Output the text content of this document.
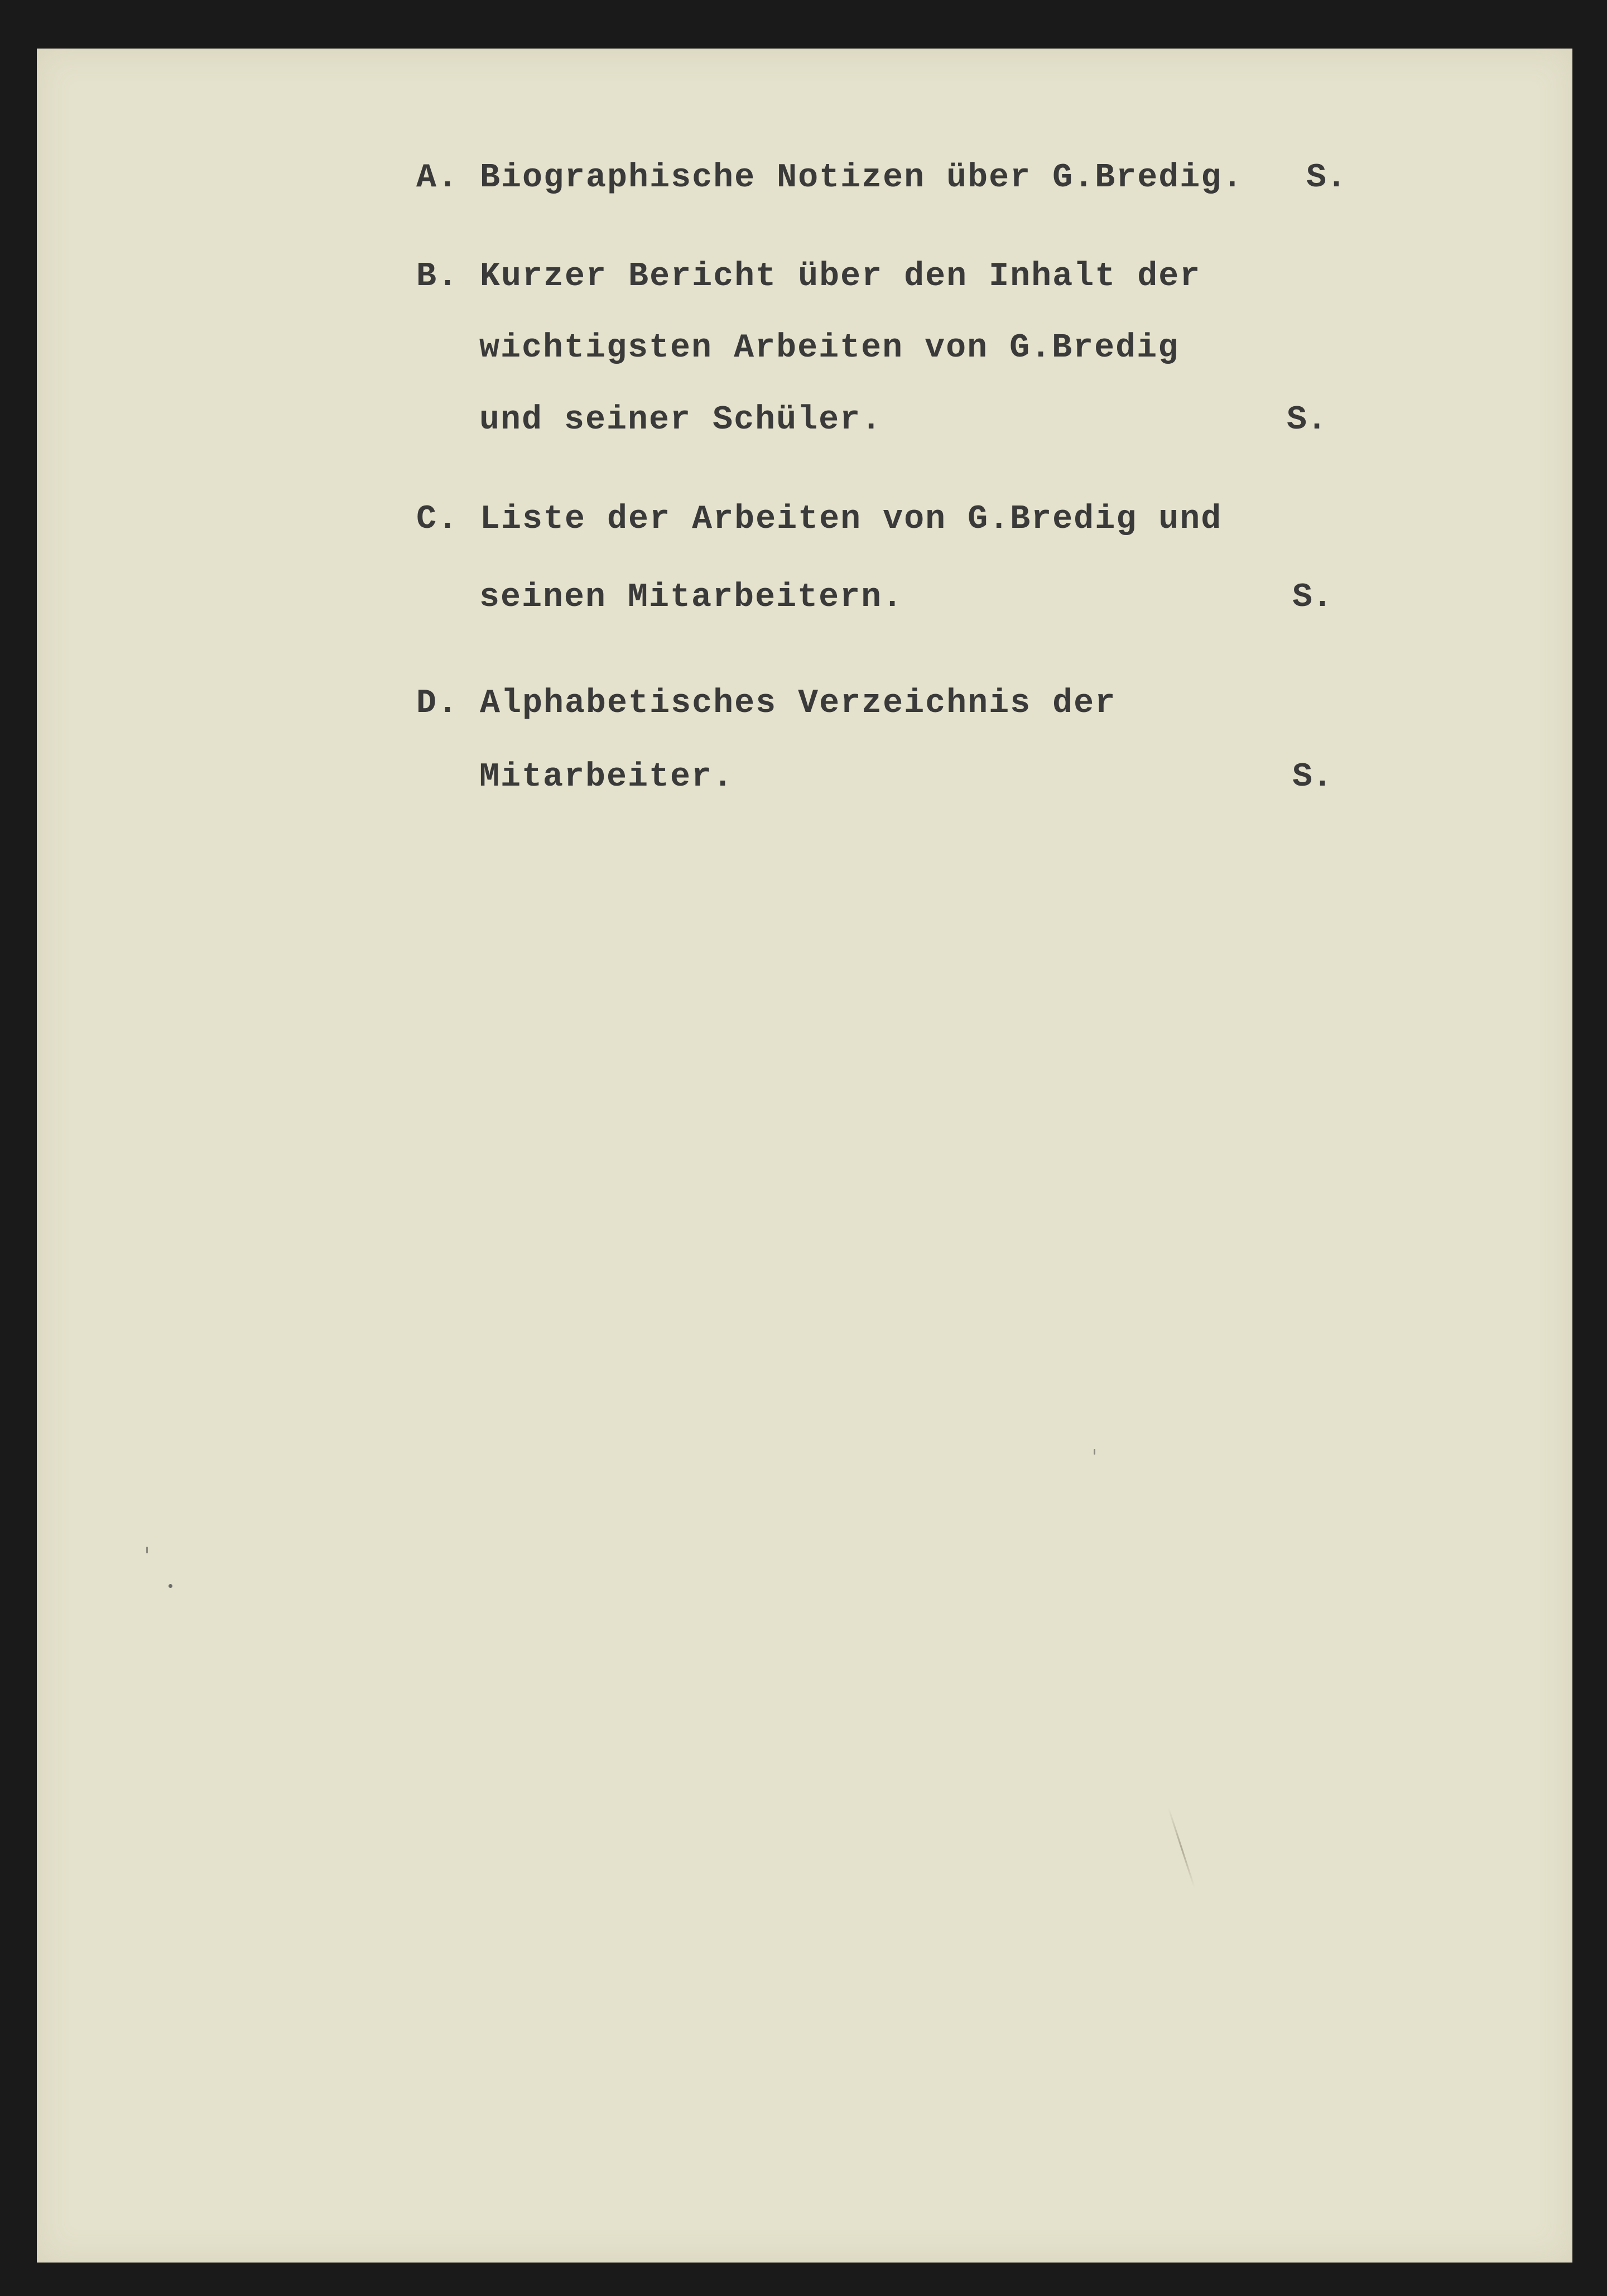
A. Biographische Notizen über G.Bredig. S.
B. Kurzer Bericht über den Inhalt der
wichtigsten Arbeiten von G.Bredig
und seiner Schüler.	S.
C. Liste der Arbeiten von G.Bredig und
seinen Mitarbeitern.	S.
D. Alphabetisches Verzeichnis der
Mitarbeiter.	S.
